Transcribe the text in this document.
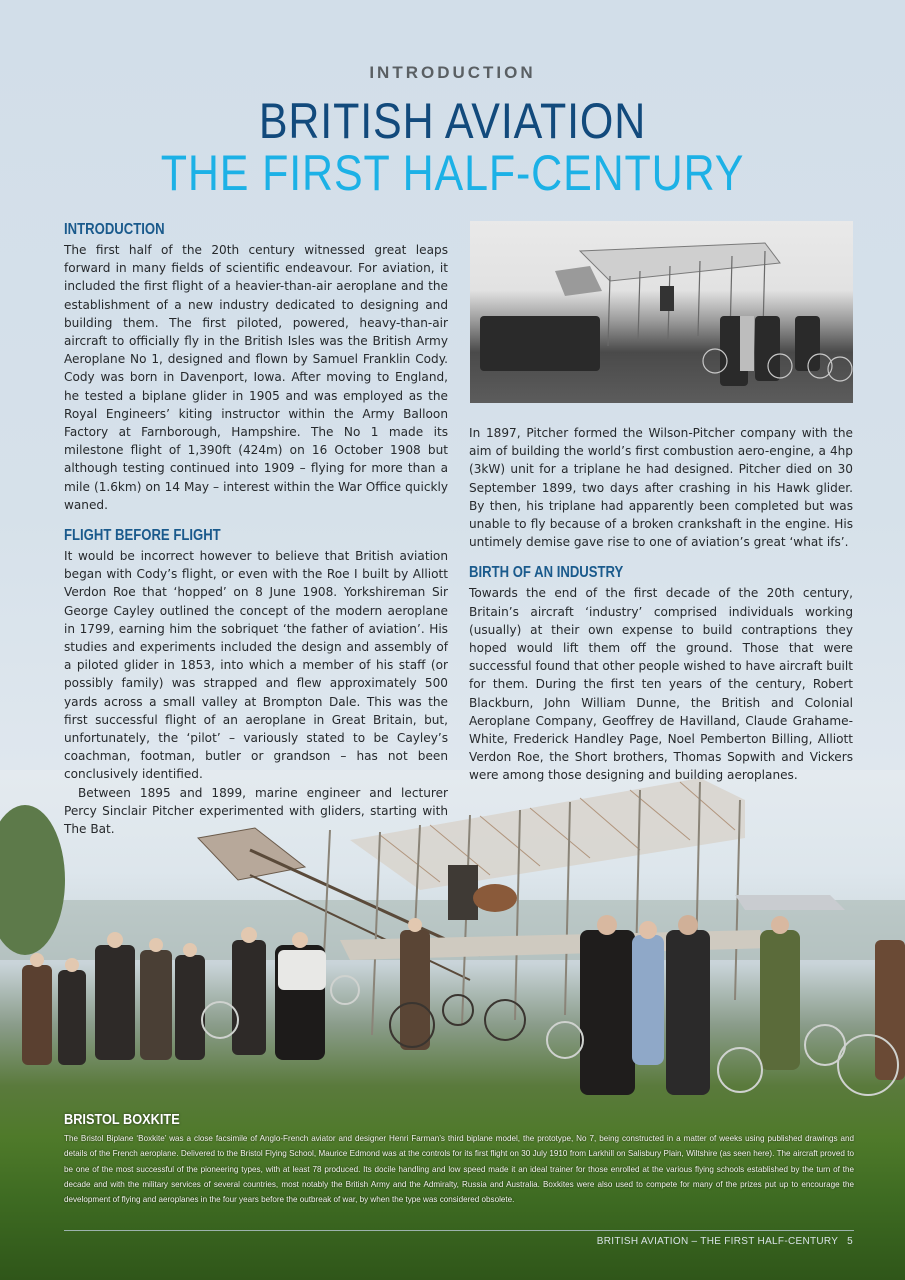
INTRODUCTION
BRITISH AVIATION
THE FIRST HALF-CENTURY
INTRODUCTION

The first half of the 20th century witnessed great leaps forward in many fields of scientific endeavour. For aviation, it included the first flight of a heavier-than-air aeroplane and the establishment of a new industry dedicated to designing and building them. The first piloted, powered, heavy-than-air aircraft to officially fly in the British Isles was the British Army Aeroplane No 1, designed and flown by Samuel Franklin Cody. Cody was born in Davenport, Iowa. After moving to England, he tested a biplane glider in 1905 and was employed as the Royal Engineers’ kiting instructor within the Army Balloon Factory at Farnborough, Hampshire. The No 1 made its milestone flight of 1,390ft (424m) on 16 October 1908 but although testing continued into 1909 – flying for more than a mile (1.6km) on 14 May – interest within the War Office quickly waned.

FLIGHT BEFORE FLIGHT

It would be incorrect however to believe that British aviation began with Cody’s flight, or even with the Roe I built by Alliott Verdon Roe that ‘hopped’ on 8 June 1908. Yorkshireman Sir George Cayley outlined the concept of the modern aeroplane in 1799, earning him the sobriquet ‘the father of aviation’. His studies and experiments included the design and assembly of a piloted glider in 1853, into which a member of his staff (or possibly family) was strapped and flew approximately 500 yards across a small valley at Brompton Dale. This was the first successful flight of an aeroplane in Great Britain, but, unfortunately, the ‘pilot’ – variously stated to be Cayley’s coachman, footman, butler or grandson – has not been conclusively identified.

Between 1895 and 1899, marine engineer and lecturer Percy Sinclair Pitcher experimented with gliders, starting with The Bat.

In 1897, Pitcher formed the Wilson-Pitcher company with the aim of building the world’s first combustion aero-engine, a 4hp (3kW) unit for a triplane he had designed. Pitcher died on 30 September 1899, two days after crashing in his Hawk glider. By then, his triplane had apparently been completed but was unable to fly because of a broken crankshaft in the engine. His untimely demise gave rise to one of aviation’s great ‘what ifs’.

BIRTH OF AN INDUSTRY

Towards the end of the first decade of the 20th century, Britain’s aircraft ‘industry’ comprised individuals working (usually) at their own expense to build contraptions they hoped would lift them off the ground. Those that were successful found that other people wished to have aircraft built for them. During the first ten years of the century, Robert Blackburn, John William Dunne, the British and Colonial Aeroplane Company, Geoffrey de Havilland, Claude Grahame-White, Frederick Handley Page, Noel Pemberton Billing, Alliott Verdon Roe, the Short brothers, Thomas Sopwith and Vickers were among those designing and building aeroplanes.

BRISTOL BOXKITE
The Bristol Biplane ‘Boxkite’ was a close facsimile of Anglo-French aviator and designer Henri Farman’s third biplane model, the prototype, No 7, being constructed in a matter of weeks using published drawings and details of the French aeroplane. Delivered to the Bristol Flying School, Maurice Edmond was at the controls for its first flight on 30 July 1910 from Larkhill on Salisbury Plain, Wiltshire (as seen here). The aircraft proved to be one of the most successful of the pioneering types, with at least 78 produced. Its docile handling and low speed made it an ideal trainer for those enrolled at the various flying schools established by the turn of the decade and with the military services of several countries, most notably the British Army and the Admiralty, Russia and Australia. Boxkites were also used to compete for many of the prizes put up to encourage the development of flying and aeroplanes in the four years before the outbreak of war, by when the type was considered obsolete.
BRITISH AVIATION – THE FIRST HALF-CENTURY 5
